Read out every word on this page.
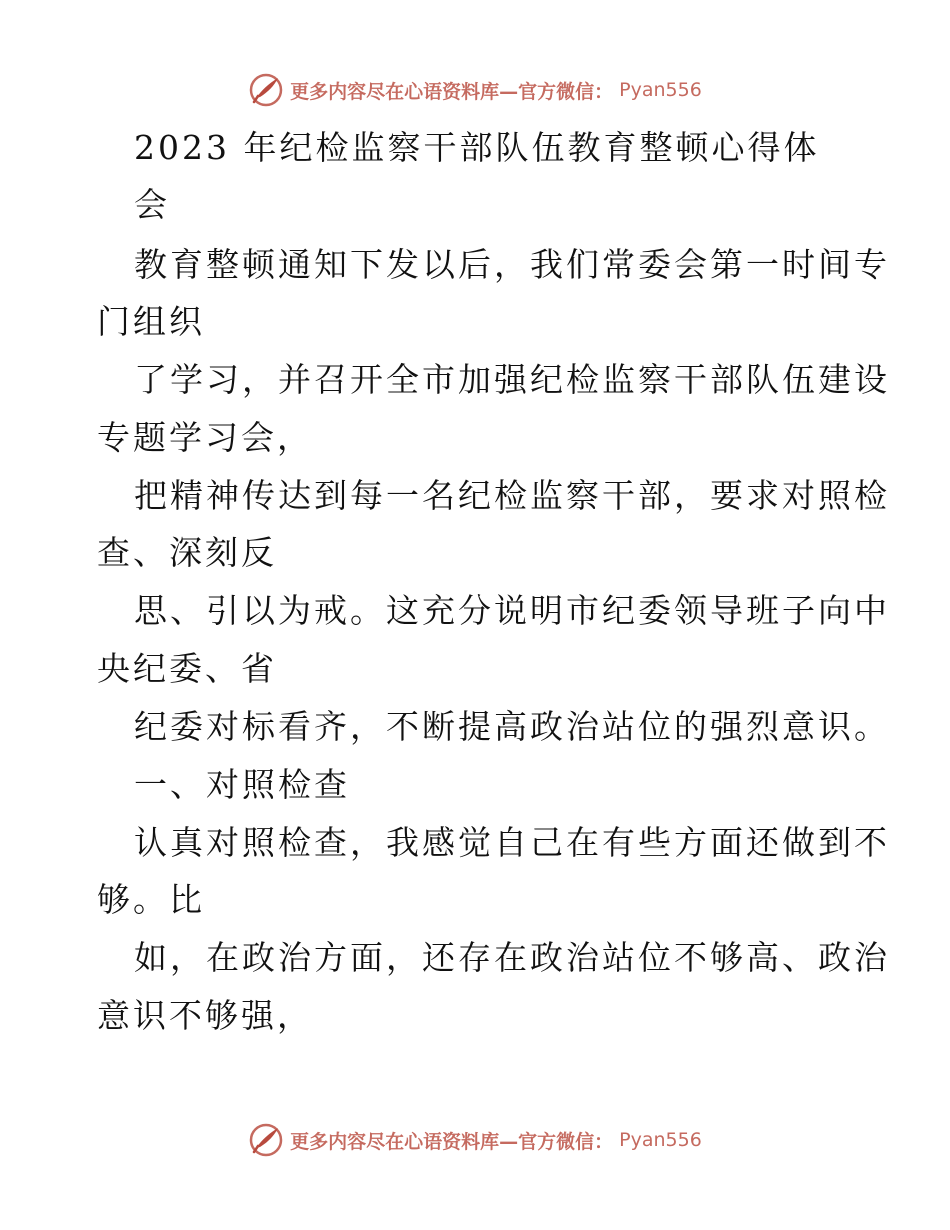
更多内容尽在心语资料库—官方微信： Pyan556
2023 年纪检监察干部队伍教育整顿心得体
会
教育整顿通知下发以后，我们常委会第一时间专
门组织
了学习，并召开全市加强纪检监察干部队伍建设
专题学习会，
把精神传达到每一名纪检监察干部，要求对照检
查、深刻反
思、引以为戒。这充分说明市纪委领导班子向中
央纪委、省
纪委对标看齐，不断提高政治站位的强烈意识。
一、对照检查
认真对照检查，我感觉自己在有些方面还做到不
够。比
如，在政治方面，还存在政治站位不够高、政治
意识不够强，
更多内容尽在心语资料库—官方微信： Pyan556
